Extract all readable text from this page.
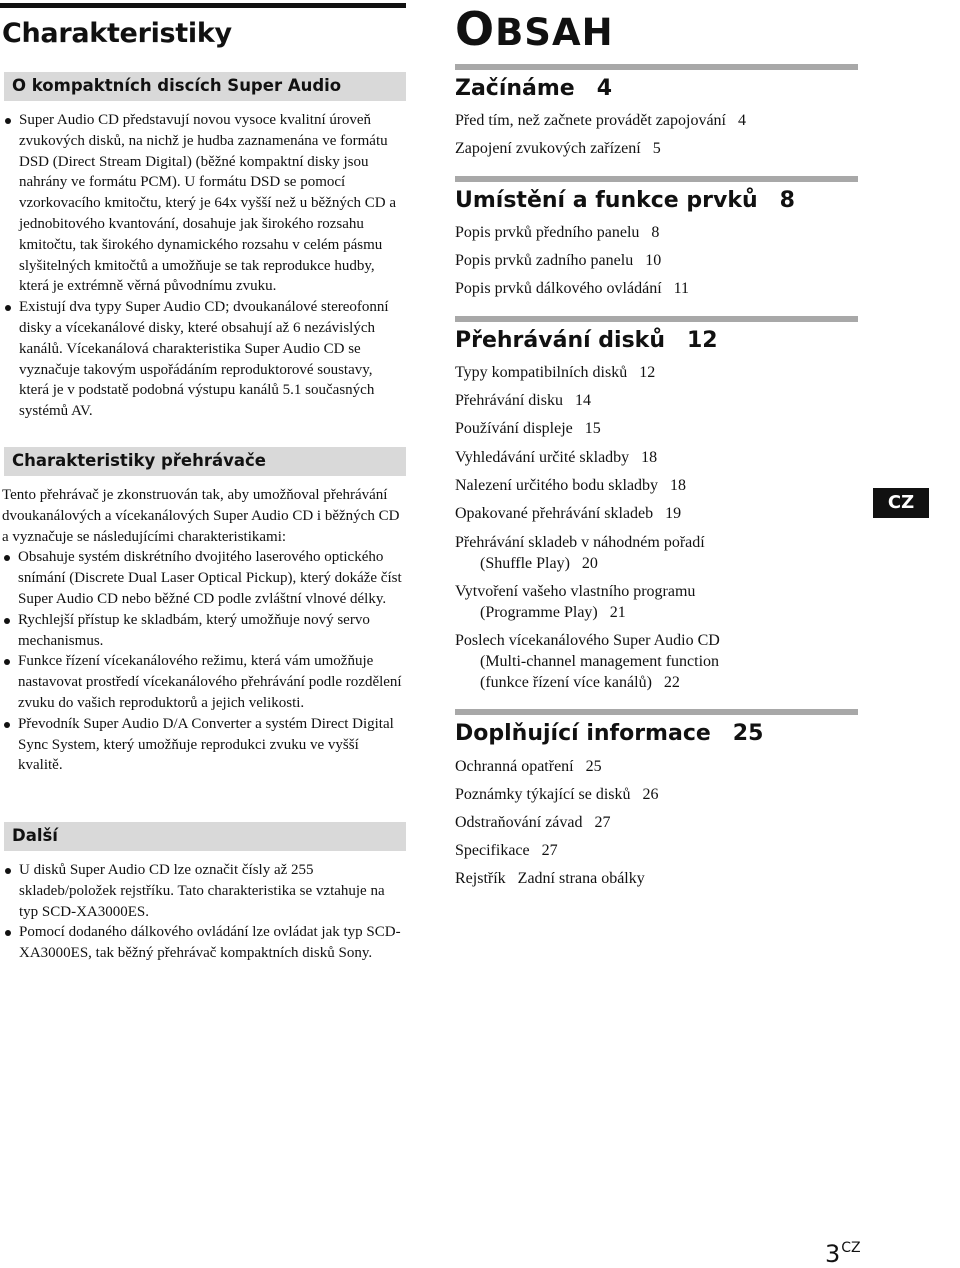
Charakteristiky
O kompaktních discích Super Audio
Super Audio CD představují novou vysoce kvalitní úroveň zvukových disků, na nichž je hudba zaznamenána ve formátu DSD (Direct Stream Digital) (běžné kompaktní disky jsou nahrány ve formátu PCM). U formátu DSD se pomocí vzorkovacího kmitočtu, který je 64x vyšší než u běžných CD a jednobitového kvantování, dosahuje jak širokého rozsahu kmitočtu, tak širokého dynamického rozsahu v celém pásmu slyšitelných kmitočtů a umožňuje se tak reprodukce hudby, která je extrémně věrná původnímu zvuku.
Existují dva typy Super Audio CD; dvoukanálové stereofonní disky a vícekanálové disky, které obsahují až 6 nezávislých kanálů. Vícekanálová charakteristika Super Audio CD se vyznačuje takovým uspořádáním reproduktorové soustavy, která je v podstatě podobná výstupu kanálů 5.1 současných systémů AV.
Charakteristiky přehrávače
Tento přehrávač je zkonstruován tak, aby umožňoval přehrávání dvoukanálových a vícekanálových Super Audio CD i běžných CD a vyznačuje se následujícími charakteristikami:
Obsahuje systém diskrétního dvojitého laserového optického snímání (Discrete Dual Laser Optical Pickup), který dokáže číst Super Audio CD nebo běžné CD podle zvláštní vlnové délky.
Rychlejší přístup ke skladbám, který umožňuje nový servo mechanismus.
Funkce řízení vícekanálového režimu, která vám umožňuje nastavovat prostředí vícekanálového přehrávání podle rozdělení zvuku do vašich reproduktorů a jejich velikosti.
Převodník Super Audio D/A Converter a systém Direct Digital Sync System, který umožňuje reprodukci zvuku ve vyšší kvalitě.
Další
U disků Super Audio CD lze označit čísly až 255 skladeb/položek rejstříku. Tato charakteristika se vztahuje na typ SCD-XA3000ES.
Pomocí dodaného dálkového ovládání lze ovládat jak typ SCD-XA3000ES, tak běžný přehrávač kompaktních disků Sony.
OBSAH
Začínáme 4
Před tím, než začnete provádět zapojování 4
Zapojení zvukových zařízení 5
Umístění a funkce prvků 8
Popis prvků předního panelu 8
Popis prvků zadního panelu 10
Popis prvků dálkového ovládání 11
Přehrávání disků 12
Typy kompatibilních disků 12
Přehrávání disku 14
Používání displeje 15
Vyhledávání určité skladby 18
Nalezení určitého bodu skladby 18
Opakované přehrávání skladeb 19
Přehrávání skladeb v náhodném pořadí
(Shuffle Play) 20
Vytvoření vašeho vlastního programu
(Programme Play) 21
Poslech vícekanálového Super Audio CD
(Multi-channel management function
(funkce řízení více kanálů) 22
Doplňující informace 25
Ochranná opatření 25
Poznámky týkající se disků 26
Odstraňování závad 27
Specifikace 27
Rejstřík Zadní strana obálky
CZ
$3^{CZ}$
